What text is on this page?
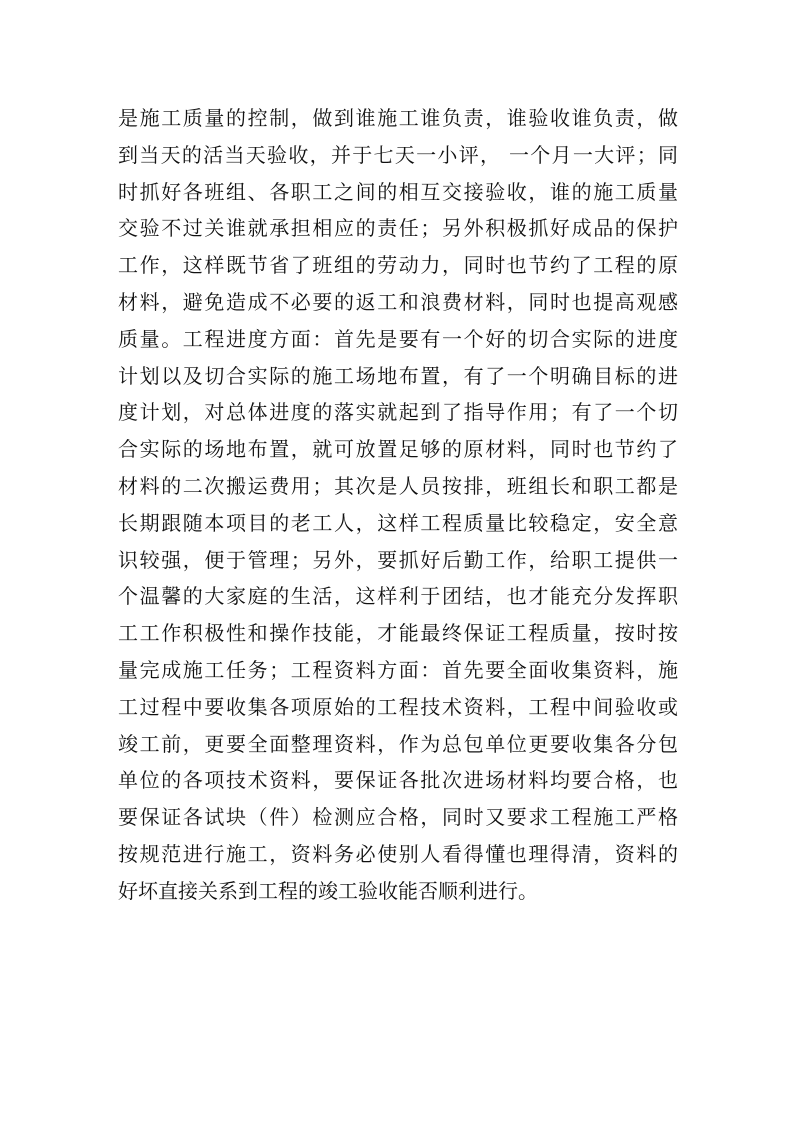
是施工质量的控制，做到谁施工谁负责，谁验收谁负责，做
到当天的活当天验收，并于七天一小评， 一个月一大评；同
时抓好各班组、各职工之间的相互交接验收，谁的施工质量
交验不过关谁就承担相应的责任；另外积极抓好成品的保护
工作，这样既节省了班组的劳动力，同时也节约了工程的原
材料，避免造成不必要的返工和浪费材料，同时也提高观感
质量。工程进度方面：首先是要有一个好的切合实际的进度
计划以及切合实际的施工场地布置，有了一个明确目标的进
度计划，对总体进度的落实就起到了指导作用；有了一个切
合实际的场地布置，就可放置足够的原材料，同时也节约了
材料的二次搬运费用；其次是人员按排，班组长和职工都是
长期跟随本项目的老工人，这样工程质量比较稳定，安全意
识较强，便于管理；另外，要抓好后勤工作，给职工提供一
个温馨的大家庭的生活，这样利于团结，也才能充分发挥职
工工作积极性和操作技能，才能最终保证工程质量，按时按
量完成施工任务；工程资料方面：首先要全面收集资料，施
工过程中要收集各项原始的工程技术资料，工程中间验收或
竣工前，更要全面整理资料，作为总包单位更要收集各分包
单位的各项技术资料，要保证各批次进场材料均要合格，也
要保证各试块（件）检测应合格，同时又要求工程施工严格
按规范进行施工，资料务必使别人看得懂也理得清，资料的
好坏直接关系到工程的竣工验收能否顺利进行。
